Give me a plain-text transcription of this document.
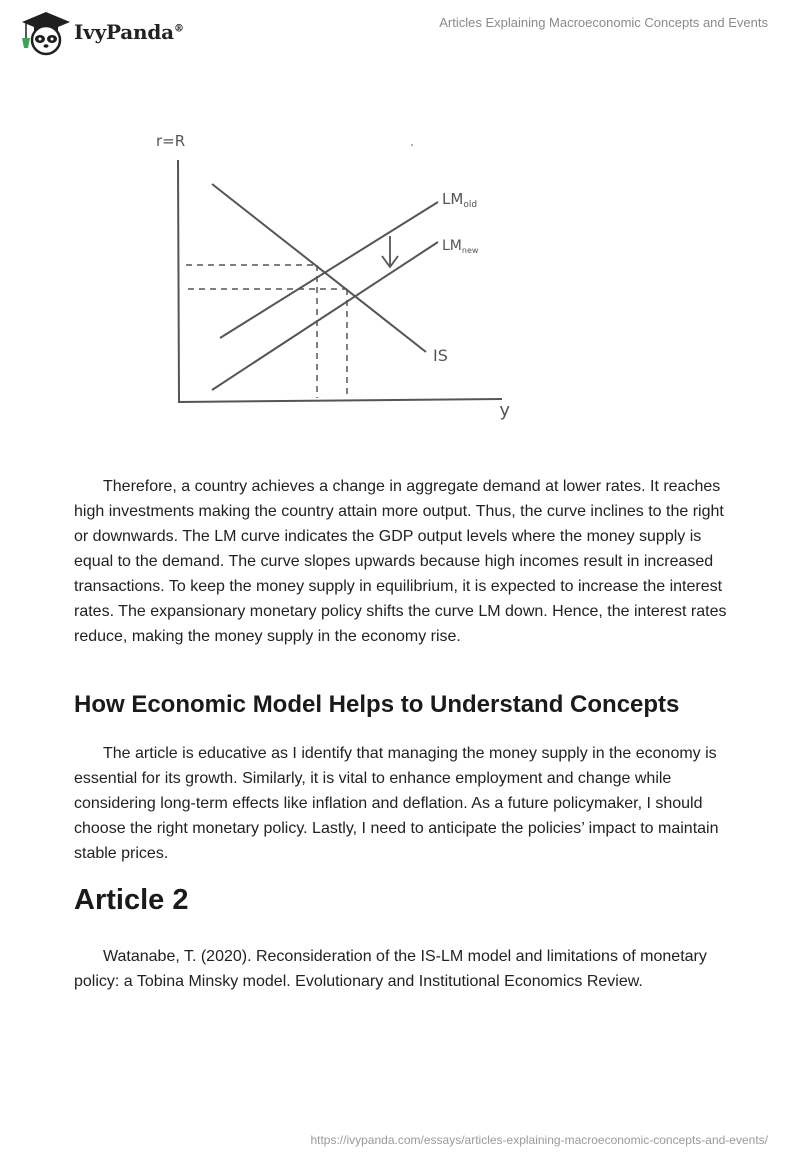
IvyPanda®	Articles Explaining Macroeconomic Concepts and Events
r=R
y
$LM_{old}$
$LM_{new}$
IS

Therefore, a country achieves a change in aggregate demand at lower rates. It reaches high investments making the country attain more output. Thus, the curve inclines to the right or downwards. The LM curve indicates the GDP output levels where the money supply is equal to the demand. The curve slopes upwards because high incomes result in increased transactions. To keep the money supply in equilibrium, it is expected to increase the interest rates. The expansionary monetary policy shifts the curve LM down. Hence, the interest rates reduce, making the money supply in the economy rise.

How Economic Model Helps to Understand Concepts

The article is educative as I identify that managing the money supply in the economy is essential for its growth. Similarly, it is vital to enhance employment and change while considering long-term effects like inflation and deflation. As a future policymaker, I should choose the right monetary policy. Lastly, I need to anticipate the policies’ impact to maintain stable prices.

Article 2

Watanabe, T. (2020). Reconsideration of the IS-LM model and limitations of monetary policy: a Tobina Minsky model. Evolutionary and Institutional Economics Review.

https://ivypanda.com/essays/articles-explaining-macroeconomic-concepts-and-events/
